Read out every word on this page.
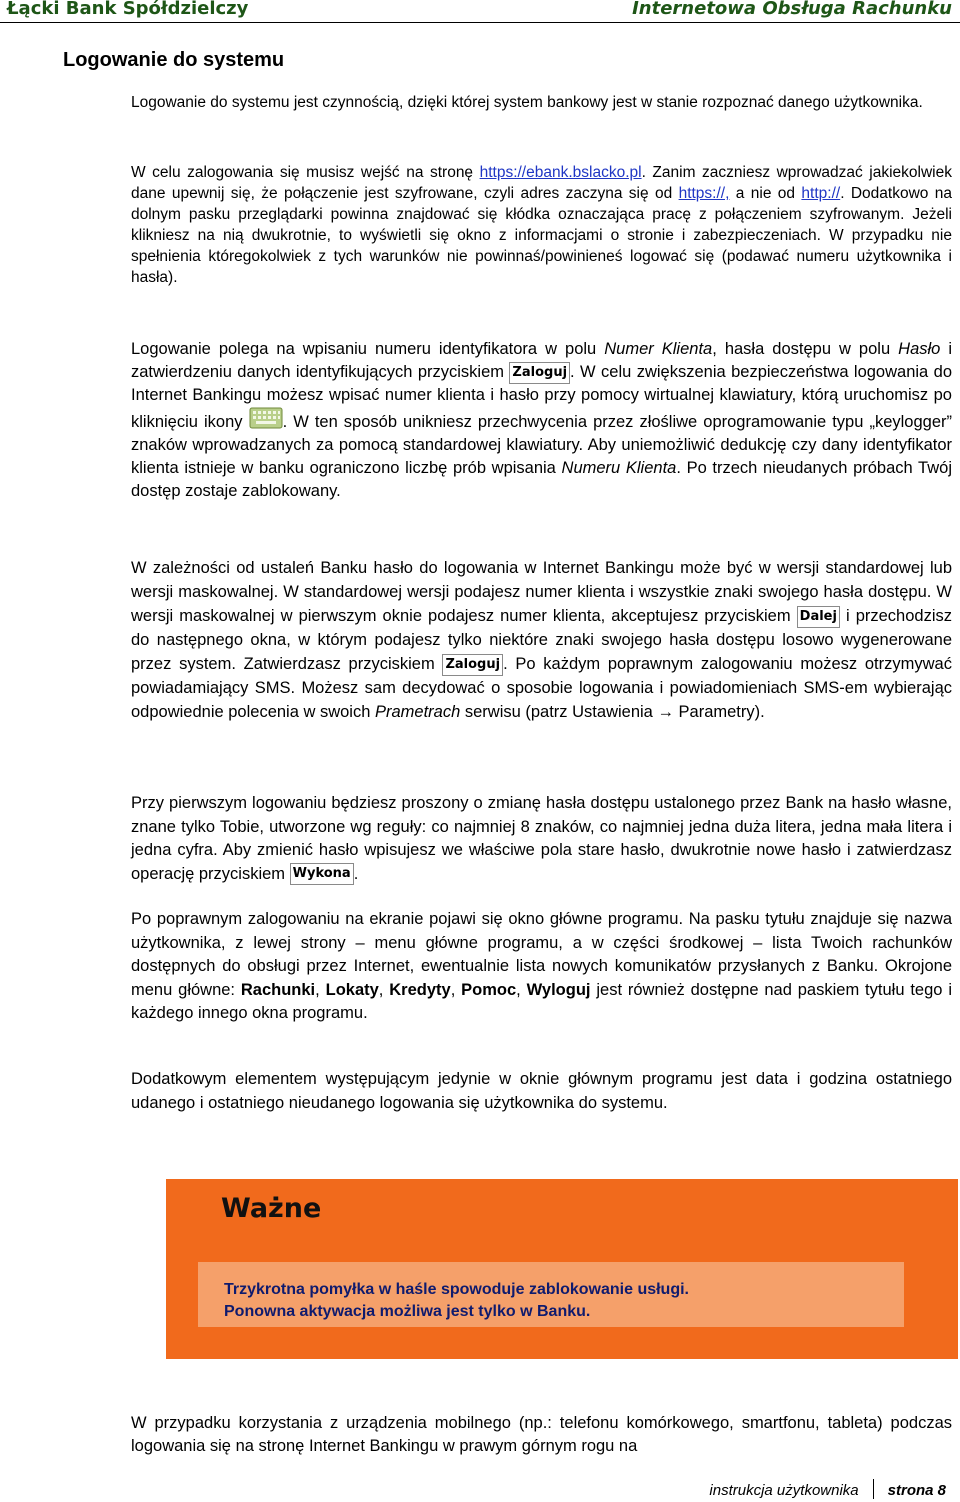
Łącki Bank Spółdzielczy	Internetowa Obsługa Rachunku
Logowanie do systemu
Logowanie do systemu jest czynnością, dzięki której system bankowy jest w stanie rozpoznać danego użytkownika.
W celu zalogowania się musisz wejść na stronę https://ebank.bslacko.pl. Zanim zaczniesz wprowadzać jakiekolwiek dane upewnij się, że połączenie jest szyfrowane, czyli adres zaczyna się od https://, a nie od http://. Dodatkowo na dolnym pasku przeglądarki powinna znajdować się kłódka oznaczająca pracę z połączeniem szyfrowanym. Jeżeli klikniesz na nią dwukrotnie, to wyświetli się okno z informacjami o stronie i zabezpieczeniach. W przypadku nie spełnienia któregokolwiek z tych warunków nie powinnaś/powinieneś logować się (podawać numeru użytkownika i hasła).
Logowanie polega na wpisaniu numeru identyfikatora w polu Numer Klienta, hasła dostępu w polu Hasło i zatwierdzeniu danych identyfikujących przyciskiem Zaloguj . W celu zwiększenia bezpieczeństwa logowania do Internet Bankingu możesz wpisać numer klienta i hasło przy pomocy wirtualnej klawiatury, którą uruchomisz po kliknięciu ikony . W ten sposób unikniesz przechwycenia przez złośliwe oprogramowanie typu „keylogger” znaków wprowadzanych za pomocą standardowej klawiatury. Aby uniemożliwić dedukcję czy dany identyfikator klienta istnieje w banku ograniczono liczbę prób wpisania Numeru Klienta. Po trzech nieudanych próbach Twój dostęp zostaje zablokowany.
W zależności od ustaleń Banku hasło do logowania w Internet Bankingu może być w wersji standardowej lub wersji maskowalnej. W standardowej wersji podajesz numer klienta i wszystkie znaki swojego hasła dostępu. W wersji maskowalnej w pierwszym oknie podajesz numer klienta, akceptujesz przyciskiem Dalej i przechodzisz do następnego okna, w którym podajesz tylko niektóre znaki swojego hasła dostępu losowo wygenerowane przez system. Zatwierdzasz przyciskiem Zaloguj . Po każdym poprawnym zalogowaniu możesz otrzymywać powiadamiający SMS. Możesz sam decydować o sposobie logowania i powiadomieniach SMS-em wybierając odpowiednie polecenia w swoich Prametrach serwisu (patrz Ustawienia → Parametry).
Przy pierwszym logowaniu będziesz proszony o zmianę hasła dostępu ustalonego przez Bank na hasło własne, znane tylko Tobie, utworzone wg reguły: co najmniej 8 znaków, co najmniej jedna duża litera, jedna mała litera i jedna cyfra. Aby zmienić hasło wpisujesz we właściwe pola stare hasło, dwukrotnie nowe hasło i zatwierdzasz operację przyciskiem Wykona .
Po poprawnym zalogowaniu na ekranie pojawi się okno główne programu. Na pasku tytułu znajduje się nazwa użytkownika, z lewej strony – menu główne programu, a w części środkowej – lista Twoich rachunków dostępnych do obsługi przez Internet, ewentualnie lista nowych komunikatów przysłanych z Banku. Okrojone menu główne: Rachunki, Lokaty, Kredyty, Pomoc, Wyloguj jest również dostępne nad paskiem tytułu tego i każdego innego okna programu.
Dodatkowym elementem występującym jedynie w oknie głównym programu jest data i godzina ostatniego udanego i ostatniego nieudanego logowania się użytkownika do systemu.
Ważne
Trzykrotna pomyłka w haśle spowoduje zablokowanie usługi.
Ponowna aktywacja możliwa jest tylko w Banku.
W przypadku korzystania z urządzenia mobilnego (np.: telefonu komórkowego, smartfonu, tableta) podczas logowania się na stronę Internet Bankingu w prawym górnym rogu na
instrukcja użytkownika strona 8
